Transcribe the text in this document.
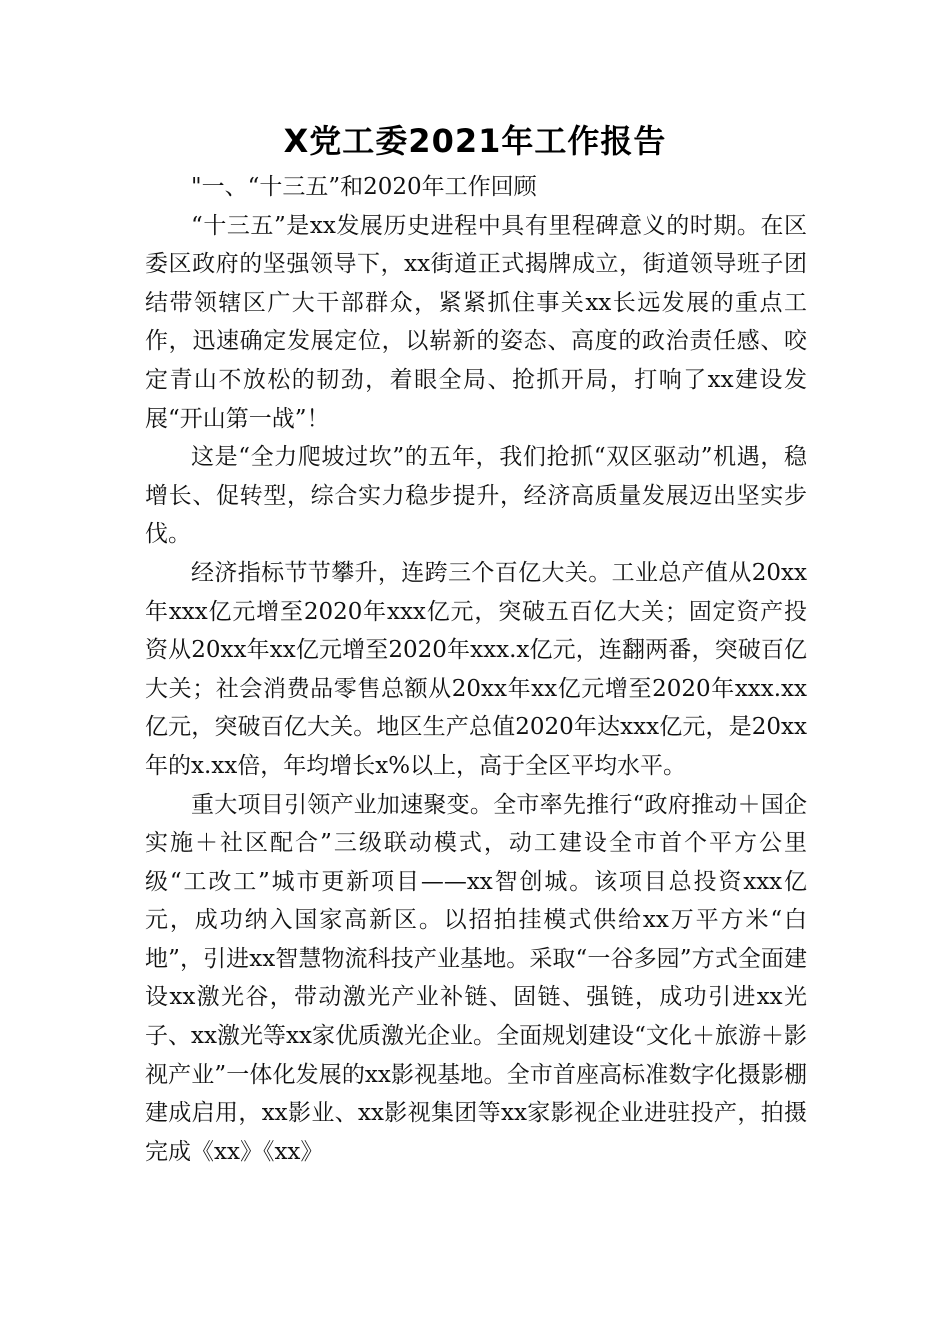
X党工委2021年工作报告

"一、“十三五”和2020年工作回顾

“十三五”是xx发展历史进程中具有里程碑意义的时期。在区委区政府的坚强领导下，xx街道正式揭牌成立，街道领导班子团结带领辖区广大干部群众，紧紧抓住事关xx长远发展的重点工作，迅速确定发展定位，以崭新的姿态、高度的政治责任感、咬定青山不放松的韧劲，着眼全局、抢抓开局，打响了xx建设发展“开山第一战”！

这是“全力爬坡过坎”的五年，我们抢抓“双区驱动”机遇，稳增长、促转型，综合实力稳步提升，经济高质量发展迈出坚实步伐。

经济指标节节攀升，连跨三个百亿大关。工业总产值从20xx年xxx亿元增至2020年xxx亿元，突破五百亿大关；固定资产投资从20xx年xx亿元增至2020年xxx.x亿元，连翻两番，突破百亿大关；社会消费品零售总额从20xx年xx亿元增至2020年xxx.xx亿元，突破百亿大关。地区生产总值2020年达xxx亿元，是20xx年的x.xx倍，年均增长x%以上，高于全区平均水平。

重大项目引领产业加速聚变。全市率先推行“政府推动＋国企实施＋社区配合”三级联动模式，动工建设全市首个平方公里级“工改工”城市更新项目——xx智创城。该项目总投资xxx亿元，成功纳入国家高新区。以招拍挂模式供给xx万平方米“白地”，引进xx智慧物流科技产业基地。采取“一谷多园”方式全面建设xx激光谷，带动激光产业补链、固链、强链，成功引进xx光子、xx激光等xx家优质激光企业。全面规划建设“文化＋旅游＋影视产业”一体化发展的xx影视基地。全市首座高标准数字化摄影棚建成启用，xx影业、xx影视集团等xx家影视企业进驻投产，拍摄完成《xx》《xx》
